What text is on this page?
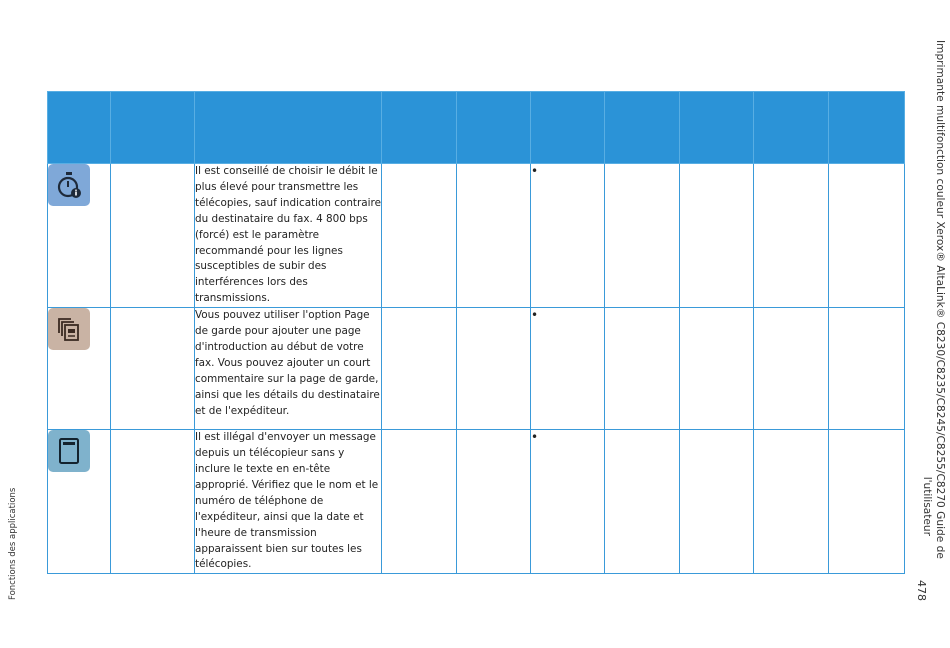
		Il est conseillé de choisir le débit le plus élevé pour transmettre les télécopies, sauf indication contraire du destinataire du fax. 4 800 bps (forcé) est le paramètre recommandé pour les lignes susceptibles de subir des interférences lors des transmissions.			•				

		Vous pouvez utiliser l'option Page de garde pour ajouter une page d'introduction au début de votre fax. Vous pouvez ajouter un court commentaire sur la page de garde, ainsi que les détails du destinataire et de l'expéditeur.			•				

		Il est illégal d'envoyer un message depuis un télécopieur sans y inclure le texte en en-tête approprié. Vérifiez que le nom et le numéro de téléphone de l'expéditeur, ainsi que la date et l'heure de transmission apparaissent bien sur toutes les télécopies.			•				
Fonctions des applications	Imprimante multifonction couleur Xerox® AltaLink® C8230/C8235/C8245/C8255/C8270 Guide de
l'utilisateur
478
